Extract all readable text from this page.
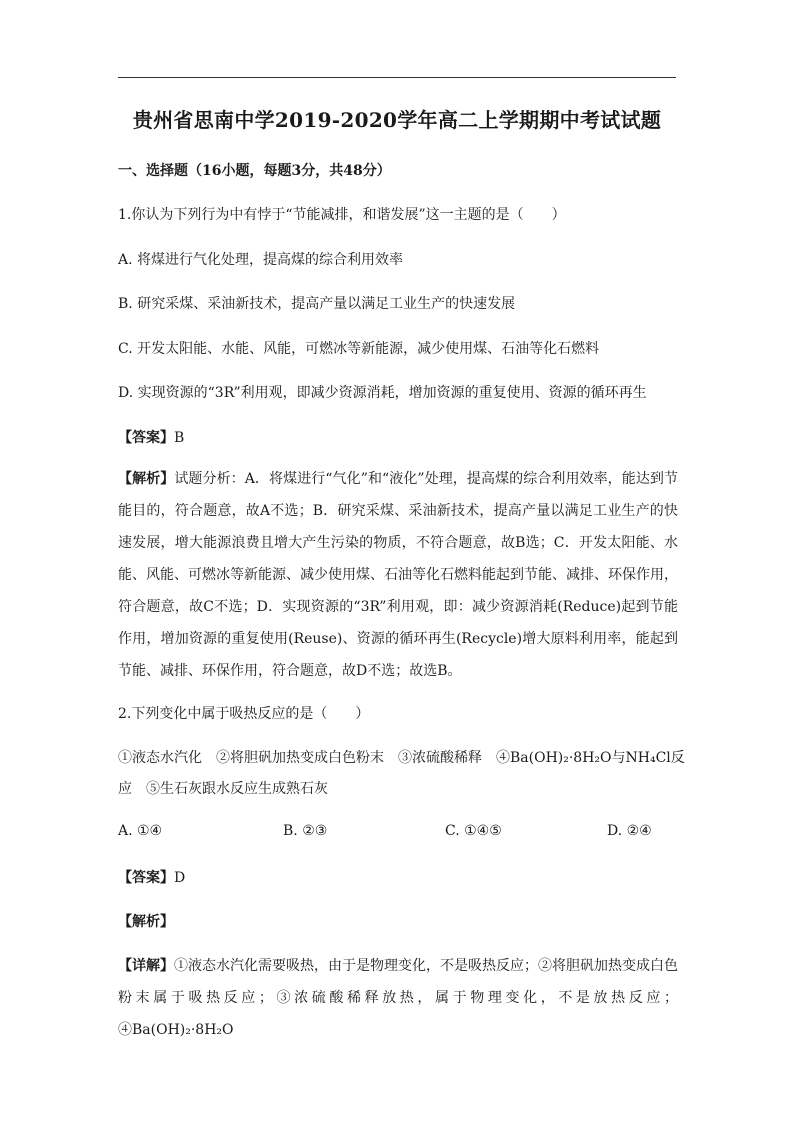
贵州省思南中学2019-2020学年高二上学期期中考试试题
一、选择题（16小题，每题3分，共48分）
1.你认为下列行为中有悖于“节能减排，和谐发展”这一主题的是（　　）
A. 将煤进行气化处理，提高煤的综合利用效率
B. 研究采煤、采油新技术，提高产量以满足工业生产的快速发展
C. 开发太阳能、水能、风能，可燃冰等新能源，减少使用煤、石油等化石燃料
D. 实现资源的“3R”利用观，即减少资源消耗，增加资源的重复使用、资源的循环再生
【答案】B
【解析】试题分析：A．将煤进行“气化”和“液化”处理，提高煤的综合利用效率，能达到节能目的，符合题意，故A不选；B．研究采煤、采油新技术，提高产量以满足工业生产的快速发展，增大能源浪费且增大产生污染的物质，不符合题意，故B选；C．开发太阳能、水能、风能、可燃冰等新能源、减少使用煤、石油等化石燃料能起到节能、减排、环保作用，符合题意，故C不选；D．实现资源的“3R”利用观，即：减少资源消耗(Reduce)起到节能作用，增加资源的重复使用(Reuse)、资源的循环再生(Recycle)增大原料利用率，能起到节能、减排、环保作用，符合题意，故D不选；故选B。
2.下列变化中属于吸热反应的是（　　）
①液态水汽化　②将胆矾加热变成白色粉末　③浓硫酸稀释　④Ba(OH)₂·8H₂O与NH₄Cl反
应　⑤生石灰跟水反应生成熟石灰
A. ①④	B. ②③	C. ①④⑤	D. ②④
【答案】D
【解析】
【详解】①液态水汽化需要吸热，由于是物理变化，不是吸热反应；②将胆矾加热变成白色粉末属于吸热反应；③浓硫酸稀释放热，属于物理变化，不是放热反应；④Ba(OH)₂·8H₂O
